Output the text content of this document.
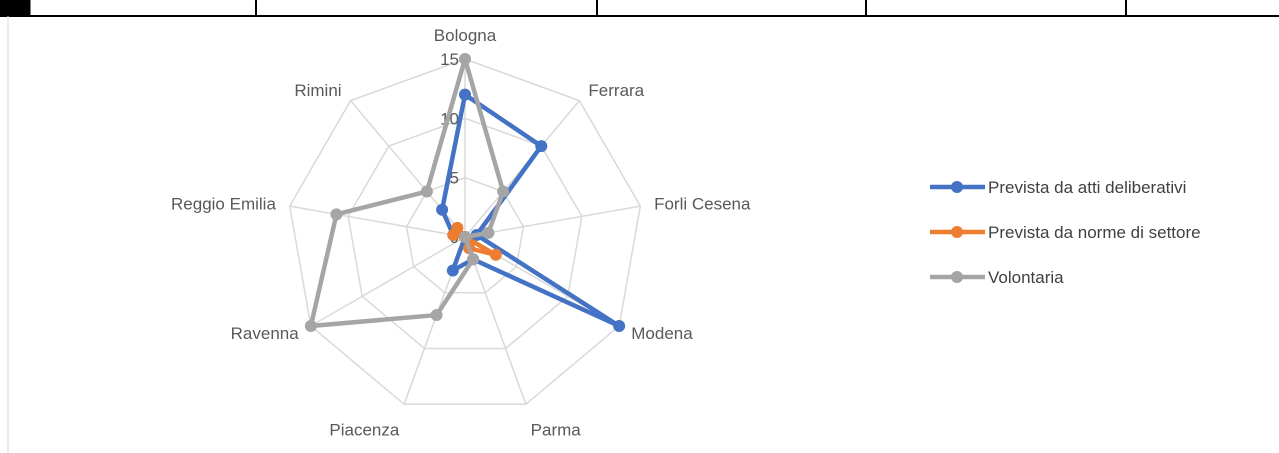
5
10
15
Bologna
Ferrara
Forli Cesena
Modena
Parma
Piacenza
Ravenna
Reggio Emilia
Rimini
Prevista da atti deliberativi
Prevista da norme di settore
Volontaria
